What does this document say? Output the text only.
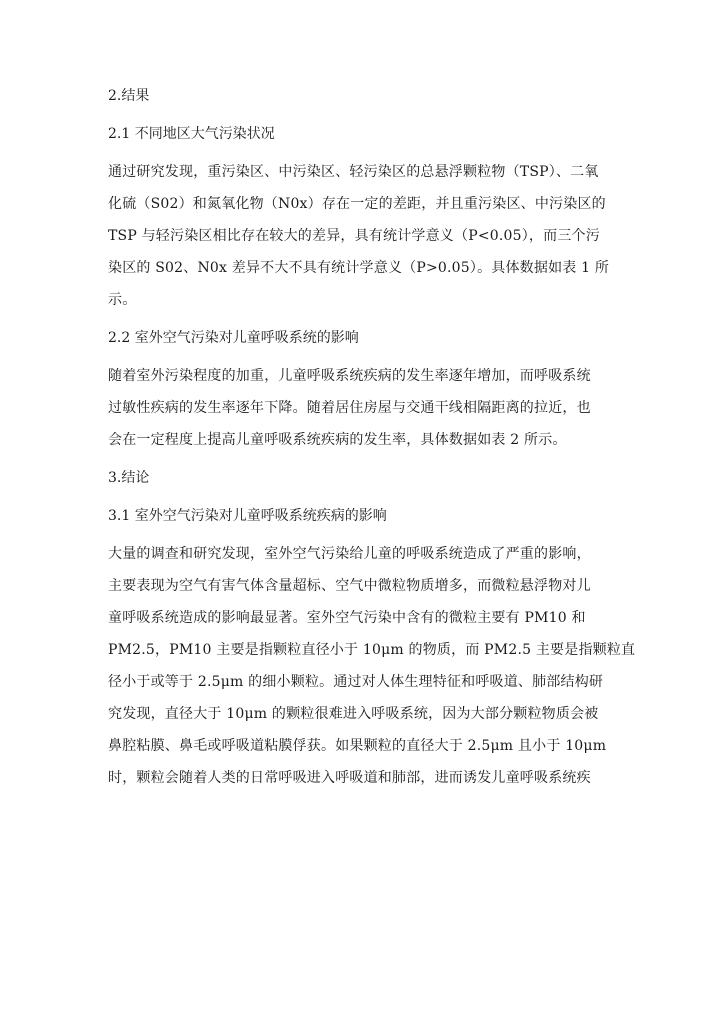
2.结果
2.1 不同地区大气污染状况
通过研究发现，重污染区、中污染区、轻污染区的总悬浮颗粒物（TSP）、二氧
化硫（S02）和氮氧化物（N0x）存在一定的差距，并且重污染区、中污染区的
TSP 与轻污染区相比存在较大的差异，具有统计学意义（P<0.05），而三个污
染区的 S02、N0x 差异不大不具有统计学意义（P>0.05）。具体数据如表 1 所
示。
2.2 室外空气污染对儿童呼吸系统的影响
随着室外污染程度的加重，儿童呼吸系统疾病的发生率逐年增加，而呼吸系统
过敏性疾病的发生率逐年下降。随着居住房屋与交通干线相隔距离的拉近，也
会在一定程度上提高儿童呼吸系统疾病的发生率，具体数据如表 2 所示。
3.结论
3.1 室外空气污染对儿童呼吸系统疾病的影响
大量的调查和研究发现，室外空气污染给儿童的呼吸系统造成了严重的影响，
主要表现为空气有害气体含量超标、空气中微粒物质增多，而微粒悬浮物对儿
童呼吸系统造成的影响最显著。室外空气污染中含有的微粒主要有 PM10 和
PM2.5，PM10 主要是指颗粒直径小于 10μm 的物质，而 PM2.5 主要是指颗粒直
径小于或等于 2.5μm 的细小颗粒。通过对人体生理特征和呼吸道、肺部结构研
究发现，直径大于 10μm 的颗粒很难进入呼吸系统，因为大部分颗粒物质会被
鼻腔粘膜、鼻毛或呼吸道粘膜俘获。如果颗粒的直径大于 2.5μm 且小于 10μm
时，颗粒会随着人类的日常呼吸进入呼吸道和肺部，进而诱发儿童呼吸系统疾
